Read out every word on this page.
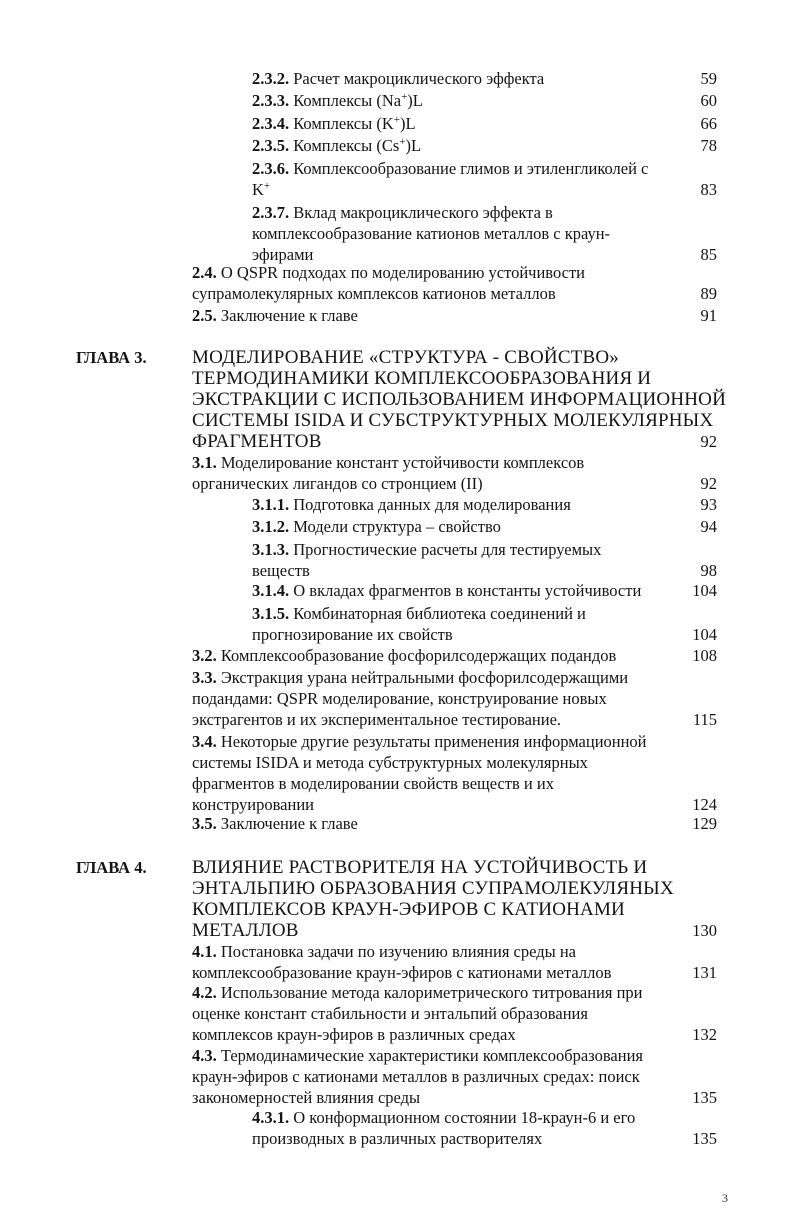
2.3.2. Расчет макроциклического эффекта	59
2.3.3. Комплексы (Na+)L	60
2.3.4. Комплексы (K+)L	66
2.3.5. Комплексы (Cs+)L	78
2.3.6. Комплексообразование глимов и этиленгликолей с
K+	83
2.3.7. Вклад макроциклического эффекта в
комплексообразование катионов металлов с краун-
эфирами	85
2.4. О QSPR подходах по моделированию устойчивости
супрамолекулярных комплексов катионов металлов	89
2.5. Заключение к главе	91
ГЛАВА 3. МОДЕЛИРОВАНИЕ «СТРУКТУРА - СВОЙСТВО»
ТЕРМОДИНАМИКИ КОМПЛЕКСООБРАЗОВАНИЯ И
ЭКСТРАКЦИИ С ИСПОЛЬЗОВАНИЕМ ИНФОРМАЦИОННОЙ
СИСТЕМЫ ISIDA И СУБСТРУКТУРНЫХ МОЛЕКУЛЯРНЫХ
ФРАГМЕНТОВ	92
3.1. Моделирование констант устойчивости комплексов
органических лигандов со стронцием (II)	92
3.1.1. Подготовка данных для моделирования	93
3.1.2. Модели структура – свойство	94
3.1.3. Прогностические расчеты для тестируемых
веществ	98
3.1.4. О вкладах фрагментов в константы устойчивости	104
3.1.5. Комбинаторная библиотека соединений и
прогнозирование их свойств	104
3.2. Комплексообразование фосфорилсодержащих подандов	108
3.3. Экстракция урана нейтральными фосфорилсодержащими
подандами: QSPR моделирование, конструирование новых
экстрагентов и их экспериментальное тестирование.	115
3.4. Некоторые другие результаты применения информационной
системы ISIDA и метода субструктурных молекулярных
фрагментов в моделировании свойств веществ и их
конструировании	124
3.5. Заключение к главе	129
ГЛАВА 4. ВЛИЯНИЕ РАСТВОРИТЕЛЯ НА УСТОЙЧИВОСТЬ И
ЭНТАЛЬПИЮ ОБРАЗОВАНИЯ СУПРАМОЛЕКУЛЯНЫХ
КОМПЛЕКСОВ КРАУН-ЭФИРОВ С КАТИОНАМИ
МЕТАЛЛОВ	130
4.1. Постановка задачи по изучению влияния среды на
комплексообразование краун-эфиров с катионами металлов	131
4.2. Использование метода калориметрического титрования при
оценке констант стабильности и энтальпий образования
комплексов краун-эфиров в различных средах	132
4.3. Термодинамические характеристики комплексообразования
краун-эфиров с катионами металлов в различных средах: поиск
закономерностей влияния среды	135
4.3.1. О конформационном состоянии 18-краун-6 и его
производных в различных растворителях	135
3
